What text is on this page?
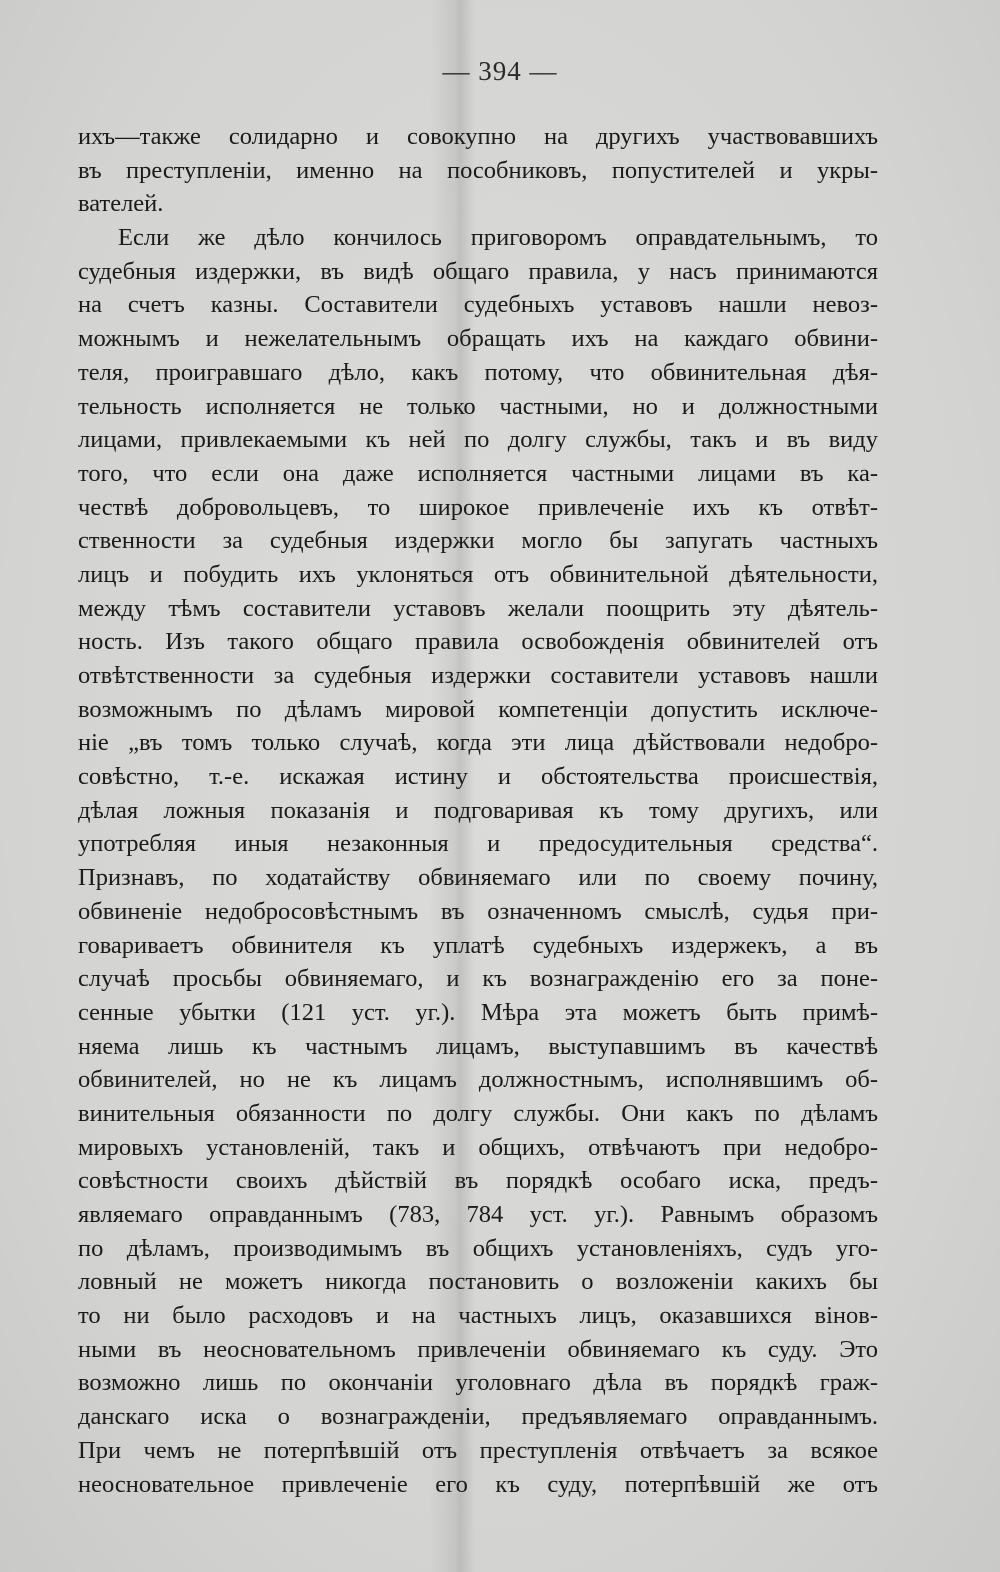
— 394 —
ихъ—также солидарно и совокупно на другихъ участвовавшихъ
въ преступленіи, именно на пособниковъ, попустителей и укры-
вателей.
Если же дѣло кончилось приговоромъ оправдательнымъ, то
судебныя издержки, въ видѣ общаго правила, у насъ принимаются
на счетъ казны. Составители судебныхъ уставовъ нашли невоз-
можнымъ и нежелательнымъ обращать ихъ на каждаго обвини-
теля, проигравшаго дѣло, какъ потому, что обвинительная дѣя-
тельность исполняется не только частными, но и должностными
лицами, привлекаемыми къ ней по долгу службы, такъ и въ виду
того, что если она даже исполняется частными лицами въ ка-
чествѣ добровольцевъ, то широкое привлеченіе ихъ къ отвѣт-
ственности за судебныя издержки могло бы запугать частныхъ
лицъ и побудить ихъ уклоняться отъ обвинительной дѣятельности,
между тѣмъ составители уставовъ желали поощрить эту дѣятель-
ность. Изъ такого общаго правила освобожденія обвинителей отъ
отвѣтственности за судебныя издержки составители уставовъ нашли
возможнымъ по дѣламъ мировой компетенціи допустить исключе-
ніе „въ томъ только случаѣ, когда эти лица дѣйствовали недобро-
совѣстно, т.-е. искажая истину и обстоятельства происшествія,
дѣлая ложныя показанія и подговаривая къ тому другихъ, или
употребляя иныя незаконныя и предосудительныя средства“.
Признавъ, по ходатайству обвиняемаго или по своему почину,
обвиненіе недобросовѣстнымъ въ означенномъ смыслѣ, судья при-
говариваетъ обвинителя къ уплатѣ судебныхъ издержекъ, а въ
случаѣ просьбы обвиняемаго, и къ вознагражденію его за поне-
сенные убытки (121 уст. уг.). Мѣра эта можетъ быть примѣ-
няема лишь къ частнымъ лицамъ, выступавшимъ въ качествѣ
обвинителей, но не къ лицамъ должностнымъ, исполнявшимъ об-
винительныя обязанности по долгу службы. Они какъ по дѣламъ
мировыхъ установленій, такъ и общихъ, отвѣчаютъ при недобро-
совѣстности своихъ дѣйствій въ порядкѣ особаго иска, предъ-
являемаго оправданнымъ (783, 784 уст. уг.). Равнымъ образомъ
по дѣламъ, производимымъ въ общихъ установленіяхъ, судъ уго-
ловный не можетъ никогда постановить о возложеніи какихъ бы
то ни было расходовъ и на частныхъ лицъ, оказавшихся вінов-
ными въ неосновательномъ привлеченіи обвиняемаго къ суду. Это
возможно лишь по окончаніи уголовнаго дѣла въ порядкѣ граж-
данскаго иска о вознагражденіи, предъявляемаго оправданнымъ.
При чемъ не потерпѣвшій отъ преступленія отвѣчаетъ за всякое
неосновательное привлеченіе его къ суду, потерпѣвшій же отъ
